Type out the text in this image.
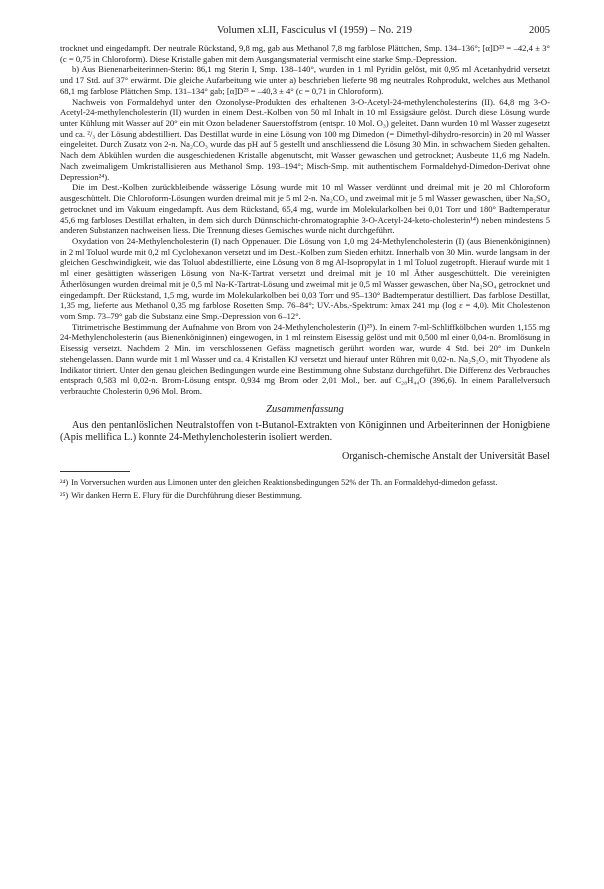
Volumen xLII, Fasciculus vI (1959) – No. 219	2005

trocknet und eingedampft. Der neutrale Rückstand, 9,8 mg, gab aus Methanol 7,8 mg farblose Plättchen, Smp. 134–136°; [α]D²³ = –42,4 ± 3° (c = 0,75 in Chloroform). Diese Kristalle gaben mit dem Ausgangsmaterial vermischt eine starke Smp.-Depression.

b) Aus Bienenarbeiterinnen-Sterin: 86,1 mg Sterin I, Smp. 138–140°, wurden in 1 ml Pyridin gelöst, mit 0,95 ml Acetanhydrid versetzt und 17 Std. auf 37° erwärmt. Die gleiche Aufarbeitung wie unter a) beschrieben lieferte 98 mg neutrales Rohprodukt, welches aus Methanol 68,1 mg farblose Plättchen Smp. 131–134° gab; [α]D²³ = –40,3 ± 4° (c = 0,71 in Chloroform).

Nachweis von Formaldehyd unter den Ozonolyse-Produkten des erhaltenen 3-O-Acetyl-24-methylencholesterins (II). 64,8 mg 3-O-Acetyl-24-methylencholesterin (II) wurden in einem Dest.-Kolben von 50 ml Inhalt in 10 ml Essigsäure gelöst. Durch diese Lösung wurde unter Kühlung mit Wasser auf 20° ein mit Ozon beladener Sauerstoffstrom (entspr. 10 Mol. O₃) geleitet. Dann wurden 10 ml Wasser zugesetzt und ca. ²/₃ der Lösung abdestilliert. Das Destillat wurde in eine Lösung von 100 mg Dimedon (= Dimethyl-dihydro-resorcin) in 20 ml Wasser eingeleitet. Durch Zusatz von 2-n. Na₂CO₃ wurde das pH auf 5 gestellt und anschliessend die Lösung 30 Min. in schwachem Sieden gehalten. Nach dem Abkühlen wurden die ausgeschiedenen Kristalle abgenutscht, mit Wasser gewaschen und getrocknet; Ausbeute 11,6 mg Nadeln. Nach zweimaligem Umkristallisieren aus Methanol Smp. 193–194°; Misch-Smp. mit authentischem Formaldehyd-Dimedon-Derivat ohne Depression²⁴).

Die im Dest.-Kolben zurückbleibende wässerige Lösung wurde mit 10 ml Wasser verdünnt und dreimal mit je 20 ml Chloroform ausgeschüttelt. Die Chloroform-Lösungen wurden dreimal mit je 5 ml 2-n. Na₂CO₃ und zweimal mit je 5 ml Wasser gewaschen, über Na₂SO₄ getrocknet und im Vakuum eingedampft. Aus dem Rückstand, 65,4 mg, wurde im Molekularkolben bei 0,01 Torr und 180° Badtemperatur 45,6 mg farbloses Destillat erhalten, in dem sich durch Dünnschicht-chromatographie 3-O-Acetyl-24-keto-cholesterin¹⁴) neben mindestens 5 anderen Substanzen nachweisen liess. Die Trennung dieses Gemisches wurde nicht durchgeführt.

Oxydation von 24-Methylencholesterin (I) nach Oppenauer. Die Lösung von 1,0 mg 24-Methylencholesterin (I) (aus Bienenköniginnen) in 2 ml Toluol wurde mit 0,2 ml Cyclohexanon versetzt und im Dest.-Kolben zum Sieden erhitzt. Innerhalb von 30 Min. wurde langsam in der gleichen Geschwindigkeit, wie das Toluol abdestillierte, eine Lösung von 8 mg Al-Isopropylat in 1 ml Toluol zugetropft. Hierauf wurde mit 1 ml einer gesättigten wässerigen Lösung von Na-K-Tartrat versetzt und dreimal mit je 10 ml Äther ausgeschüttelt. Die vereinigten Ätherlösungen wurden dreimal mit je 0,5 ml Na-K-Tartrat-Lösung und zweimal mit je 0,5 ml Wasser gewaschen, über Na₂SO₄ getrocknet und eingedampft. Der Rückstand, 1,5 mg, wurde im Molekularkolben bei 0,03 Torr und 95–130° Badtemperatur destilliert. Das farblose Destillat, 1,35 mg, lieferte aus Methanol 0,35 mg farblose Rosetten Smp. 76–84°; UV.-Abs.-Spektrum: λmax 241 mμ (log ε = 4,0). Mit Cholestenon vom Smp. 73–79° gab die Substanz eine Smp.-Depression von 6–12°.

Titrimetrische Bestimmung der Aufnahme von Brom von 24-Methylencholesterin (I)²⁵). In einem 7-ml-Schliffkölbchen wurden 1,155 mg 24-Methylencholesterin (aus Bienenköniginnen) eingewogen, in 1 ml reinstem Eisessig gelöst und mit 0,500 ml einer 0,04-n. Bromlösung in Eisessig versetzt. Nachdem 2 Min. im verschlossenen Gefäss magnetisch gerührt worden war, wurde 4 Std. bei 20° im Dunkeln stehengelassen. Dann wurde mit 1 ml Wasser und ca. 4 Kristallen KJ versetzt und hierauf unter Rühren mit 0,02-n. Na₂S₂O₃ mit Thyodene als Indikator titriert. Unter den genau gleichen Bedingungen wurde eine Bestimmung ohne Substanz durchgeführt. Die Differenz des Verbrauches entsprach 0,583 ml 0,02-n. Brom-Lösung entspr. 0,934 mg Brom oder 2,01 Mol., ber. auf C₂₈H₄₄O (396,6). In einem Parallelversuch verbrauchte Cholesterin 0,96 Mol. Brom.

Zusammenfassung

Aus den pentanlöslichen Neutralstoffen von t-Butanol-Extrakten von Königinnen und Arbeiterinnen der Honigbiene (Apis mellifica L.) konnte 24-Methylencholesterin isoliert werden.

Organisch-chemische Anstalt der Universität Basel

²⁴) In Vorversuchen wurden aus Limonen unter den gleichen Reaktionsbedingungen 52% der Th. an Formaldehyd-dimedon gefasst.

²⁵) Wir danken Herrn E. Flury für die Durchführung dieser Bestimmung.
